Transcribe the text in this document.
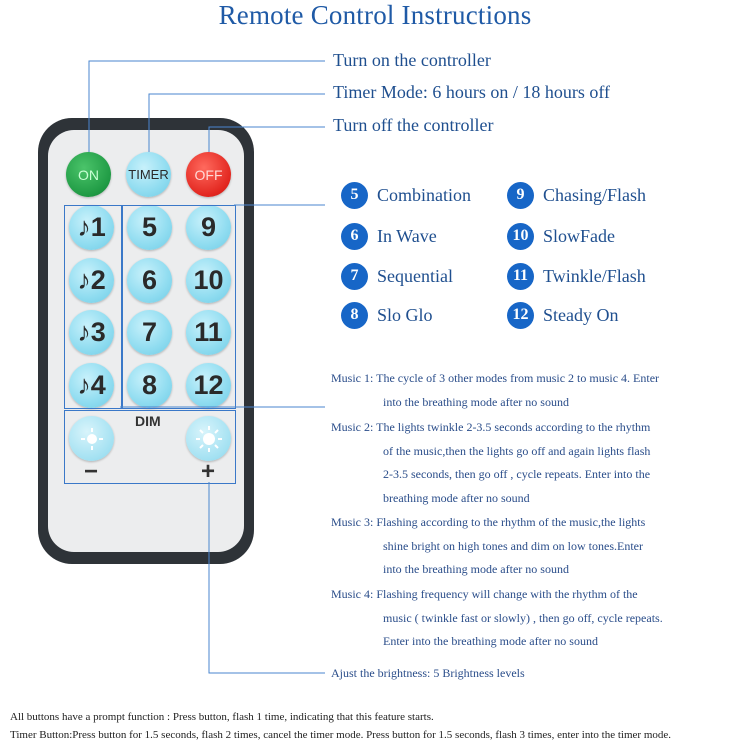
Remote Control Instructions
ON	TIMER	OFF
♪1
♪2
♪3
♪4
5
6
7
8
9
10
11
12
DIM
−	+
Turn on the controller
Timer Mode: 6 hours on / 18 hours off
Turn off the controller
5	Combination
6	In Wave
7	Sequential
8	Slo Glo
9	Chasing/Flash
10 SlowFade
11 Twinkle/Flash
12 Steady On
Music 1: The cycle of 3 other modes from music 2 to music 4. Enter
into the breathing mode after no sound
Music 2: The lights twinkle 2-3.5 seconds according to the rhythm
of the music,then the lights go off and again lights flash
2-3.5 seconds, then go off , cycle repeats. Enter into the
breathing mode after no sound
Music 3: Flashing according to the rhythm of the music,the lights
shine bright on high tones and dim on low tones.Enter
into the breathing mode after no sound
Music 4: Flashing frequency will change with the rhythm of the
music ( twinkle fast or slowly) , then go off, cycle repeats.
Enter into the breathing mode after no sound
Ajust the brightness: 5 Brightness levels
All buttons have a prompt function : Press button, flash 1 time, indicating that this feature starts.
Timer Button:Press button for 1.5 seconds, flash 2 times, cancel the timer mode. Press button for 1.5 seconds, flash 3 times, enter into the timer mode.
